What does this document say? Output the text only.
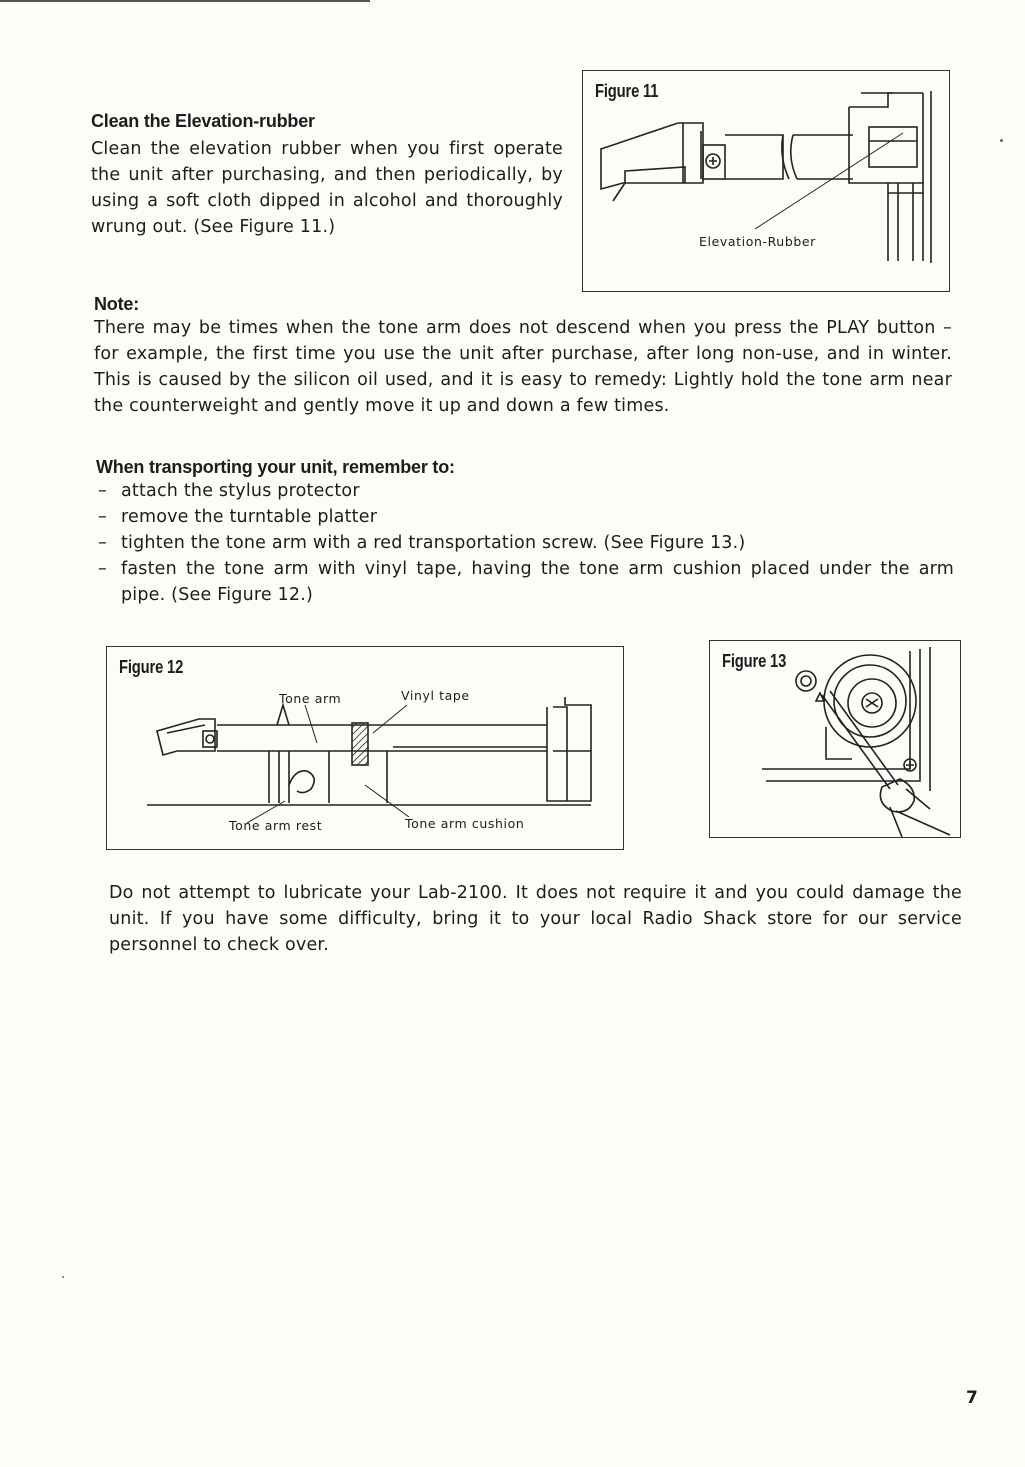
Clean the Elevation-rubber

Clean the elevation rubber when you first operate the unit after purchasing, and then periodically, by using a soft cloth dipped in alcohol and thoroughly wrung out. (See Figure 11.)

Figure 11
Elevation-Rubber
Note:

There may be times when the tone arm does not descend when you press the PLAY button – for example, the first time you use the unit after purchase, after long non-use, and in winter. This is caused by the silicon oil used, and it is easy to remedy: Lightly hold the tone arm near the counterweight and gently move it up and down a few times.

When transporting your unit, remember to:
– attach the stylus protector
– remove the turntable platter
– tighten the tone arm with a red transportation screw. (See Figure 13.)
– fasten the tone arm with vinyl tape, having the tone arm cushion placed under the arm pipe. (See Figure 12.)
Figure 12
Tone arm	Vinyl tape
Tone arm rest	Tone arm cushion
Figure 13

Do not attempt to lubricate your Lab-2100. It does not require it and you could damage the unit. If you have some difficulty, bring it to your local Radio Shack store for our service personnel to check over.

7
